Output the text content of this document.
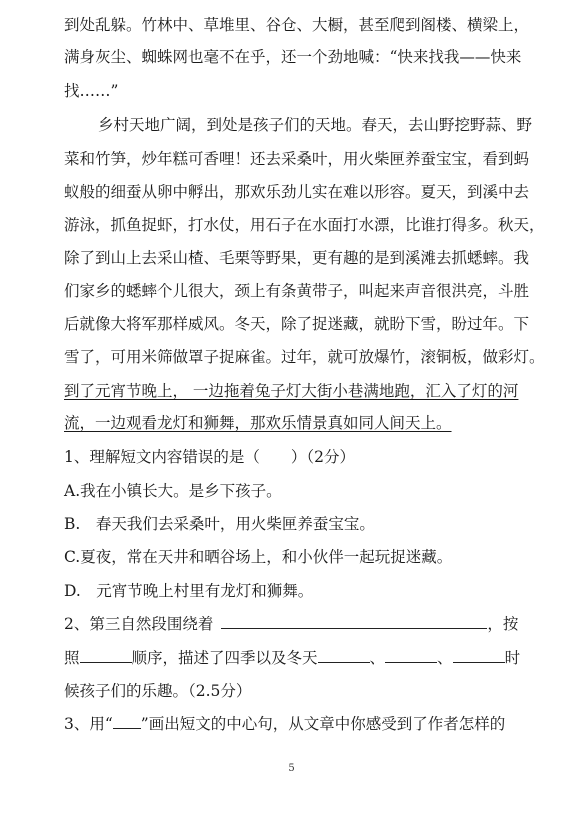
到处乱躲。竹林中、草堆里、谷仓、大橱，甚至爬到阁楼、横梁上，
满身灰尘、蜘蛛网也毫不在乎，还一个劲地喊：“快来找我——快来
找……”
乡村天地广阔，到处是孩子们的天地。春天，去山野挖野蒜、野
菜和竹笋，炒年糕可香哩！还去采桑叶，用火柴匣养蚕宝宝，看到蚂
蚁般的细蚕从卵中孵出，那欢乐劲儿实在难以形容。夏天，到溪中去
游泳，抓鱼捉虾，打水仗，用石子在水面打水漂，比谁打得多。秋天，
除了到山上去采山楂、毛栗等野果，更有趣的是到溪滩去抓蟋蟀。我
们家乡的蟋蟀个儿很大，颈上有条黄带子，叫起来声音很洪亮，斗胜
后就像大将军那样威风。冬天，除了捉迷藏，就盼下雪，盼过年。下
雪了，可用米筛做罩子捉麻雀。过年，就可放爆竹，滚铜板，做彩灯。
到了元宵节晚上， 一边拖着兔子灯大街小巷满地跑，汇入了灯的河
流，一边观看龙灯和狮舞，那欢乐情景真如同人间天上。
1、理解短文内容错误的是（　　）（2分）
A.我在小镇长大。是乡下孩子。
B.　春天我们去采桑叶，用火柴匣养蚕宝宝。
C.夏夜，常在天井和晒谷场上，和小伙伴一起玩捉迷藏。
D.　元宵节晚上村里有龙灯和狮舞。
2、第三自然段围绕着	，按
照	顺序，描述了四季以及冬天	、	、	时
候孩子们的乐趣。（2.5分）
3、用“ ”画出短文的中心句，从文章中你感受到了作者怎样的
5
